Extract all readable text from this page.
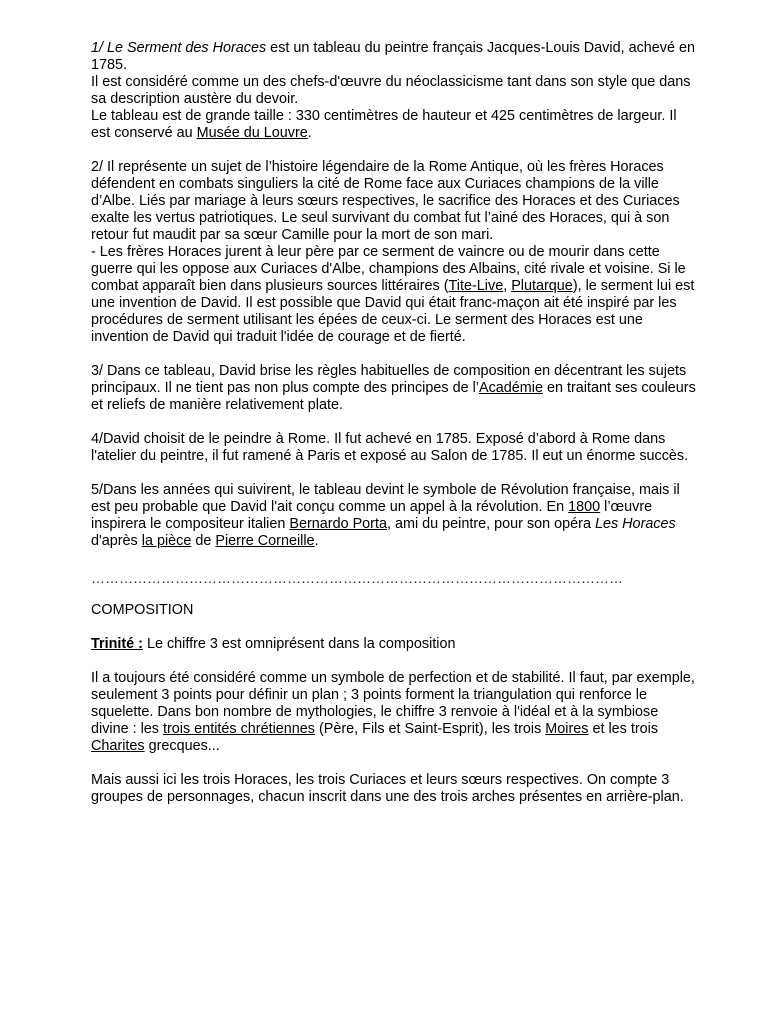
1/ Le Serment des Horaces est un tableau du peintre français Jacques-Louis David, achevé en 1785.
Il est considéré comme un des chefs-d'œuvre du néoclassicisme tant dans son style que dans sa description austère du devoir.
Le tableau est de grande taille : 330 centimètres de hauteur et 425 centimètres de largeur. Il est conservé au Musée du Louvre.

2/ Il représente un sujet de l’histoire légendaire de la Rome Antique, où les frères Horaces défendent en combats singuliers la cité de Rome face aux Curiaces champions de la ville d’Albe. Liés par mariage à leurs sœurs respectives, le sacrifice des Horaces et des Curiaces exalte les vertus patriotiques. Le seul survivant du combat fut l’ainé des Horaces, qui à son retour fut maudit par sa sœur Camille pour la mort de son mari.
- Les frères Horaces jurent à leur père par ce serment de vaincre ou de mourir dans cette guerre qui les oppose aux Curiaces d'Albe, champions des Albains, cité rivale et voisine. Si le combat apparaît bien dans plusieurs sources littéraires (Tite-Live, Plutarque), le serment lui est une invention de David. Il est possible que David qui était franc-maçon ait été inspiré par les procédures de serment utilisant les épées de ceux-ci. Le serment des Horaces est une invention de David qui traduit l'idée de courage et de fierté.

3/ Dans ce tableau, David brise les règles habituelles de composition en décentrant les sujets principaux. Il ne tient pas non plus compte des principes de l’Académie en traitant ses couleurs et reliefs de manière relativement plate.

4/David choisit de le peindre à Rome. Il fut achevé en 1785. Exposé d’abord à Rome dans l'atelier du peintre, il fut ramené à Paris et exposé au Salon de 1785. Il eut un énorme succès.

5/Dans les années qui suivirent, le tableau devint le symbole de Révolution française, mais il est peu probable que David l'ait conçu comme un appel à la révolution. En 1800 l’œuvre inspirera le compositeur italien Bernardo Porta, ami du peintre, pour son opéra Les Horaces d'après la pièce de Pierre Corneille.

……………………………………………………………………………………………………

COMPOSITION

Trinité : Le chiffre 3 est omniprésent dans la composition

Il a toujours été considéré comme un symbole de perfection et de stabilité. Il faut, par exemple, seulement 3 points pour définir un plan ; 3 points forment la triangulation qui renforce le squelette. Dans bon nombre de mythologies, le chiffre 3 renvoie à l'idéal et à la symbiose divine : les trois entités chrétiennes (Père, Fils et Saint-Esprit), les trois Moires et les trois Charites grecques...

Mais aussi ici les trois Horaces, les trois Curiaces et leurs sœurs respectives. On compte 3 groupes de personnages, chacun inscrit dans une des trois arches présentes en arrière-plan.
